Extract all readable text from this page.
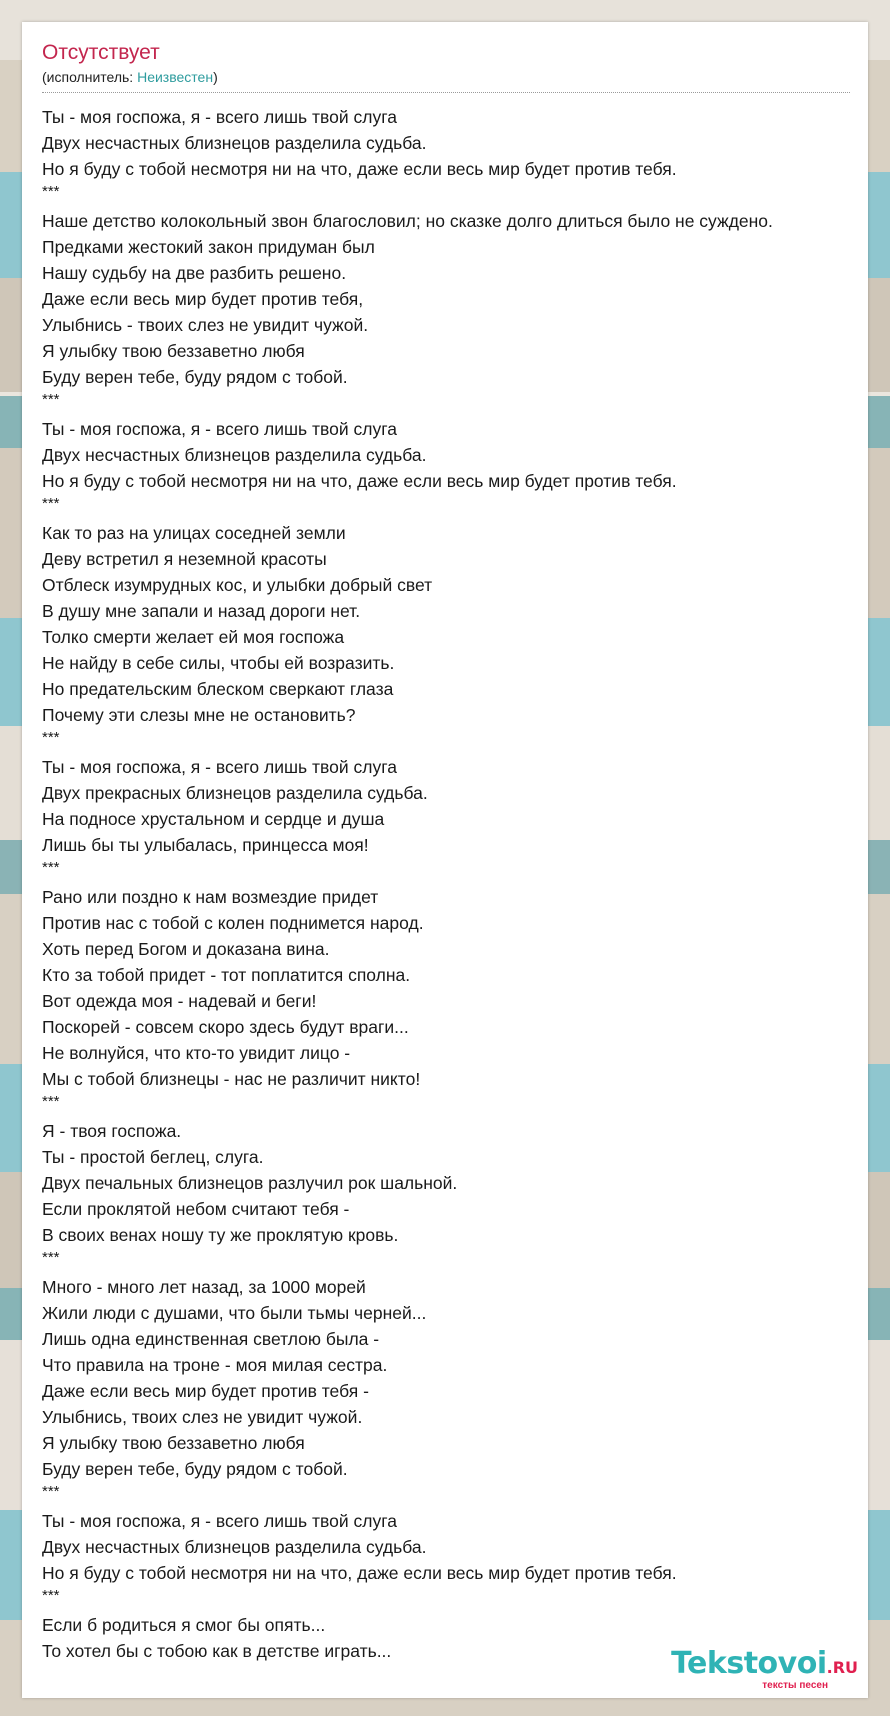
Отсутствует
(исполнитель: Неизвестен)
Ты - моя госпожа, я - всего лишь твой слуга
Двух несчастных близнецов разделила судьба.
Но я буду с тобой несмотря ни на что, даже если весь мир будет против тебя.
***
Наше детство колокольный звон благословил; но сказке долго длиться было не суждено.
Предками жестокий закон придуман был
Нашу судьбу на две разбить решено.
Даже если весь мир будет против тебя,
Улыбнись - твоих слез не увидит чужой.
Я улыбку твою беззаветно любя
Буду верен тебе, буду рядом с тобой.
***
Ты - моя госпожа, я - всего лишь твой слуга
Двух несчастных близнецов разделила судьба.
Но я буду с тобой несмотря ни на что, даже если весь мир будет против тебя.
***
Как то раз на улицах соседней земли
Деву встретил я неземной красоты
Отблеск изумрудных кос, и улыбки добрый свет
В душу мне запали и назад дороги нет.
Толко смерти желает ей моя госпожа
Не найду в себе силы, чтобы ей возразить.
Но предательским блеском сверкают глаза
Почему эти слезы мне не остановить?
***
Ты - моя госпожа, я - всего лишь твой слуга
Двух прекрасных близнецов разделила судьба.
На подносе хрустальном и сердце и душа
Лишь бы ты улыбалась, принцесса моя!
***
Рано или поздно к нам возмездие придет
Против нас с тобой с колен поднимется народ.
Хоть перед Богом и доказана вина.
Кто за тобой придет - тот поплатится сполна.
Вот одежда моя - надевай и беги!
Поскорей - совсем скоро здесь будут враги...
Не волнуйся, что кто-то увидит лицо -
Мы с тобой близнецы - нас не различит никто!
***
Я - твоя госпожа.
Ты - простой беглец, слуга.
Двух печальных близнецов разлучил рок шальной.
Если проклятой небом считают тебя -
В своих венах ношу ту же проклятую кровь.
***
Много - много лет назад, за 1000 морей
Жили люди с душами, что были тьмы черней...
Лишь одна единственная светлою была -
Что правила на троне - моя милая сестра.
Даже если весь мир будет против тебя -
Улыбнись, твоих слез не увидит чужой.
Я улыбку твою беззаветно любя
Буду верен тебе, буду рядом с тобой.
***
Ты - моя госпожа, я - всего лишь твой слуга
Двух несчастных близнецов разделила судьба.
Но я буду с тобой несмотря ни на что, даже если весь мир будет против тебя.
***
Если б родиться я смог бы опять...
То хотел бы с тобою как в детстве играть...	Tekstovoi.RU
тексты песен
